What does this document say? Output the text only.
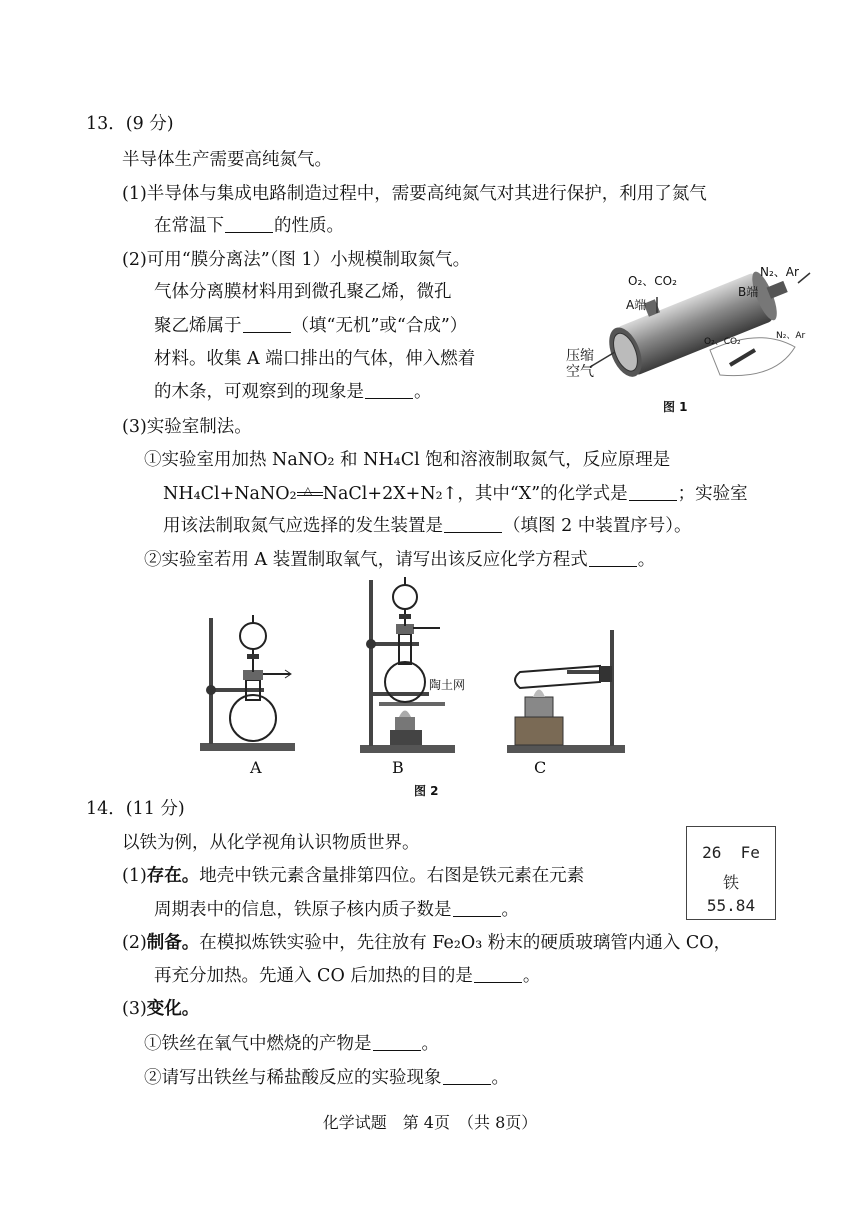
13．(9 分)
半导体生产需要高纯氮气。
(1)半导体与集成电路制造过程中，需要高纯氮气对其进行保护，利用了氮气
在常温下	的性质。
(2)可用“膜分离法”（图 1）小规模制取氮气。
气体分离膜材料用到微孔聚乙烯，微孔
聚乙烯属于	（填“无机”或“合成”）
材料。收集 A 端口排出的气体，伸入燃着
的木条，可观察到的现象是	。
O₂、CO₂
N₂、Ar
A端
B端
压缩
空气
O₂、CO₂
N₂、Ar
图 1
(3)实验室制法。
①实验室用加热 NaNO₂ 和 NH₄Cl 饱和溶液制取氮气，反应原理是
NH₄Cl+NaNO₂ △ NaCl+2X+N₂↑，其中“X”的化学式是	；实验室
用该法制取氮气应选择的发生装置是	（填图 2 中装置序号）。
②实验室若用 A 装置制取氧气，请写出该反应化学方程式	。
A
陶土网
B	C
图 2
14．(11 分)
以铁为例，从化学视角认识物质世界。
(1)存在。地壳中铁元素含量排第四位。右图是铁元素在元素
周期表中的信息，铁原子核内质子数是	。
26 Fe
铁
55.84
(2)制备。在模拟炼铁实验中，先往放有 Fe₂O₃ 粉末的硬质玻璃管内通入 CO，
再充分加热。先通入 CO 后加热的目的是	。
(3)变化。
①铁丝在氧气中燃烧的产物是	。
②请写出铁丝与稀盐酸反应的实验现象	。
化学试题　第 4页　（共 8页）
